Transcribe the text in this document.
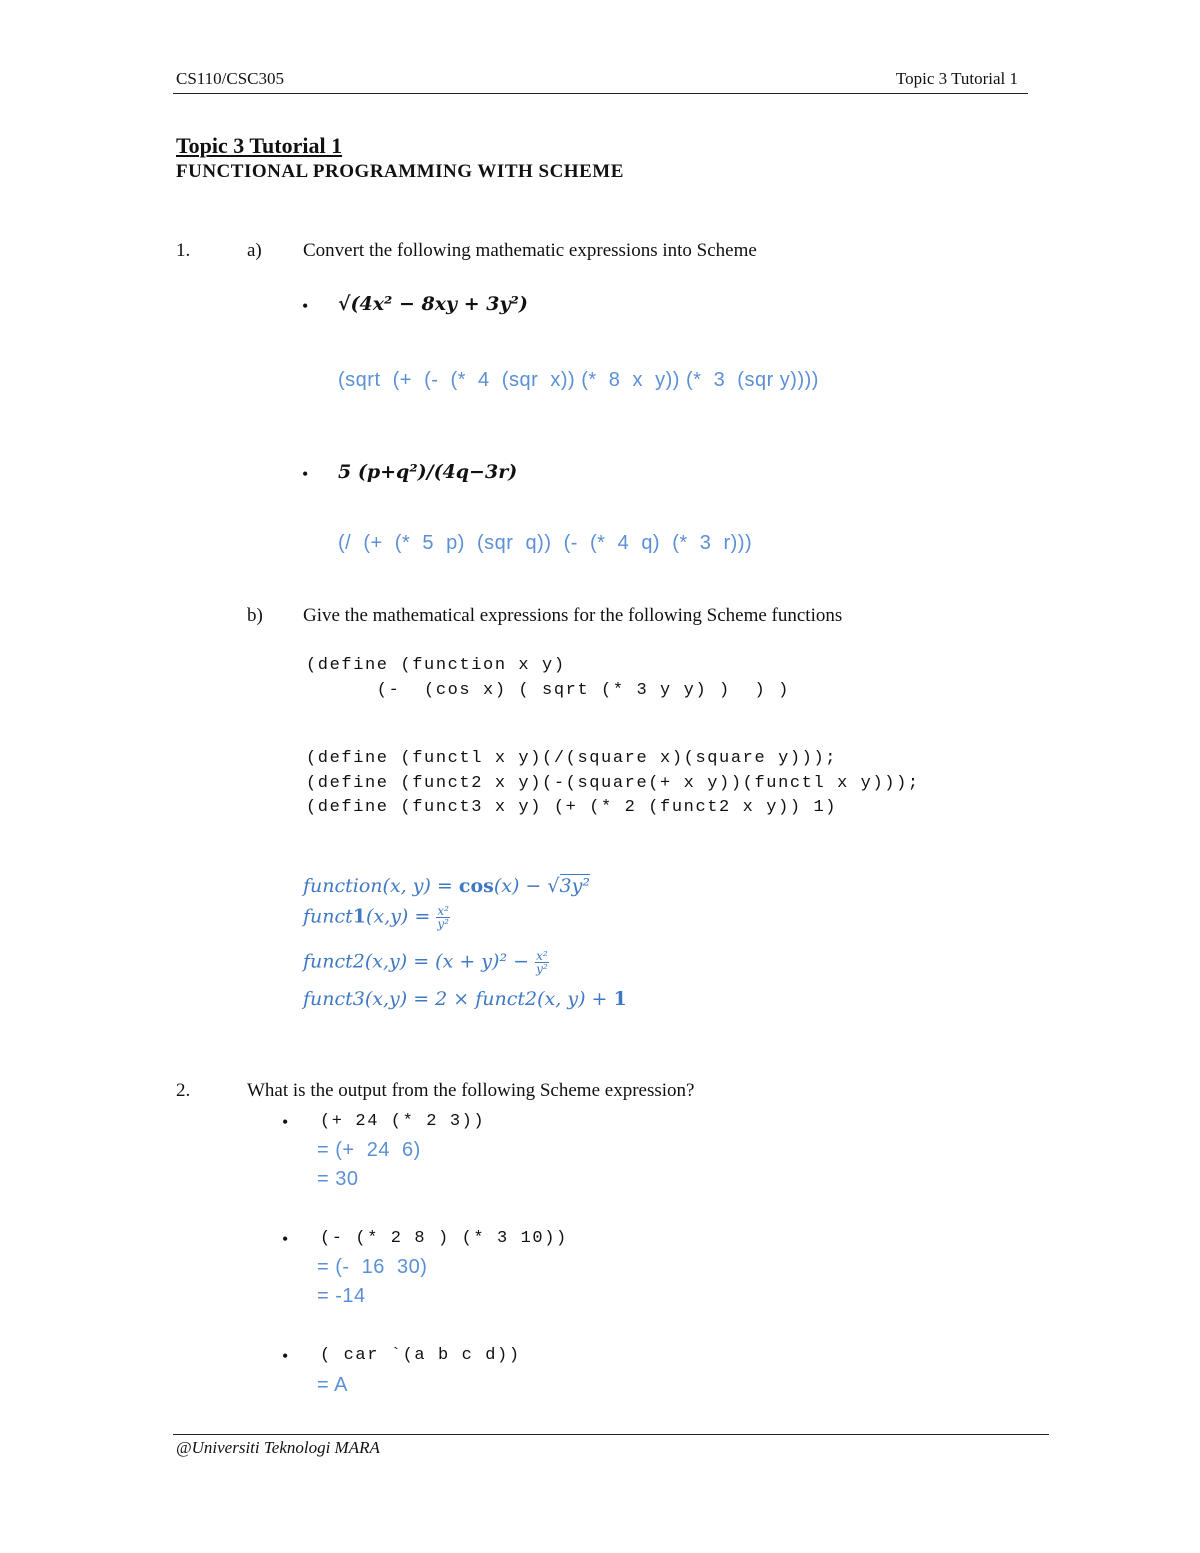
CS110/CSC305	Topic 3 Tutorial 1
Topic 3 Tutorial 1
FUNCTIONAL PROGRAMMING WITH SCHEME
1.	a) Convert the following mathematic expressions into Scheme
• √(4x² − 8xy + 3y²)
(sqrt  (+  (-  (*  4  (sqr  x)) (*  8  x  y)) (*  3  (sqr y))))
• 5 (p+q²)/(4q−3r)
(/  (+  (*  5  p)  (sqr  q))  (-  (*  4  q)  (*  3  r)))
b) Give the mathematical expressions for the following Scheme functions
(define (function x y)
(-  (cos x) ( sqrt (* 3 y y) )  ) )
(define (functl x y)(/(square x)(square y)));
(define (funct2 x y)(-(square(+ x y))(functl x y)));
(define (funct3 x y) (+ (* 2 (funct2 x y)) 1)
function(x, y) = cos(x) − √3y²
funct1(x,y) = $\frac{\text{x²}}{\text{y²}}$
funct2(x,y) = $(x + y)^2 - \frac{\text{x²}}{\text{y²}}$
funct3(x,y) = 2 × funct2(x, y) + 1
2.	What is the output from the following Scheme expression?
• (+ 24 (* 2 3))
= (+  24  6)
= 30
• (- (* 2 8 ) (* 3 10))
= (-  16  30)
= -14
• ( car `(a b c d))
= A
@Universiti Teknologi MARA
